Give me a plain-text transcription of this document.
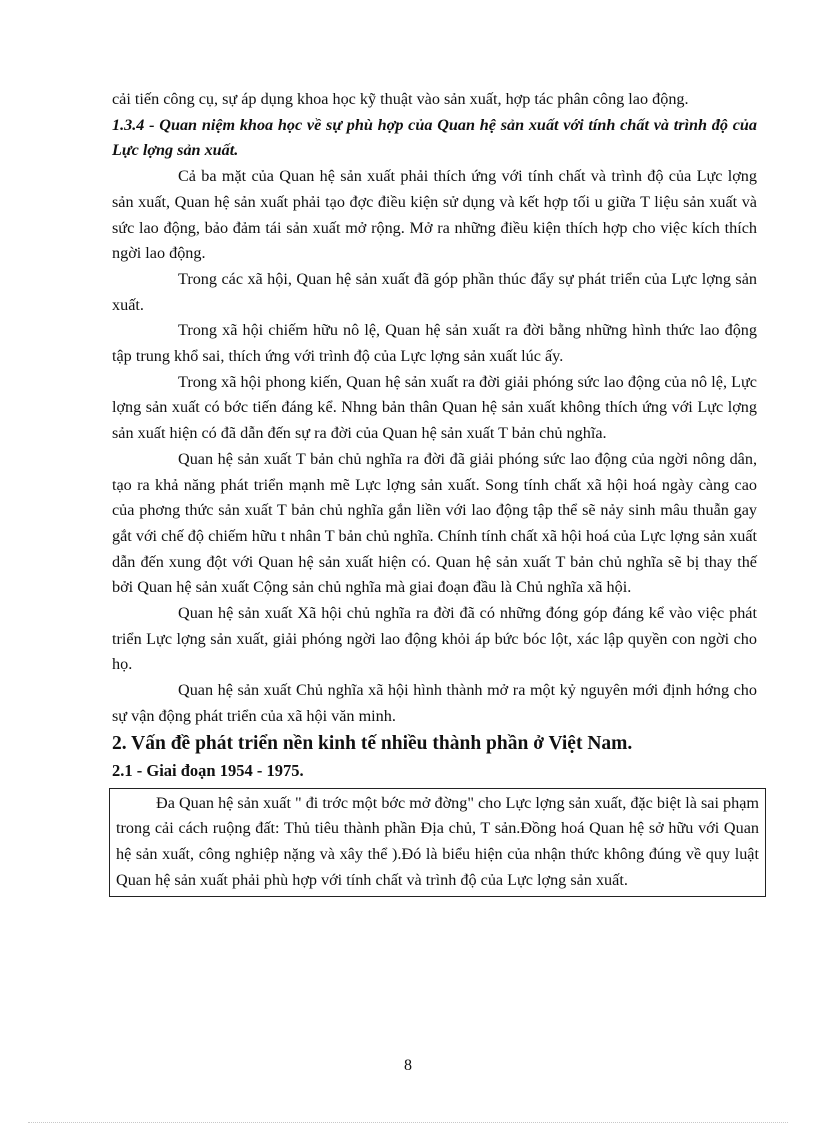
cải tiến công cụ, sự áp dụng khoa học kỹ thuật vào sản xuất, hợp tác phân công lao động.

1.3.4 - Quan niệm khoa học về sự phù hợp của Quan hệ sản xuất với tính chất và trình độ của Lực lợng sản xuất.

Cả ba mặt của Quan hệ sản xuất phải thích ứng với tính chất và trình độ của Lực lợng sản xuất, Quan hệ sản xuất phải tạo đợc điều kiện sử dụng và kết hợp tối u giữa T liệu sản xuất và sức lao động, bảo đảm tái sản xuất mở rộng. Mở ra những điều kiện thích hợp cho việc kích thích ngời lao động.

Trong các xã hội, Quan hệ sản xuất đã góp phần thúc đẩy sự phát triển của Lực lợng sản xuất.

Trong xã hội chiếm hữu nô lệ, Quan hệ sản xuất ra đời bằng những hình thức lao động tập trung khổ sai, thích ứng với trình độ của Lực lợng sản xuất lúc ấy.

Trong xã hội phong kiến, Quan hệ sản xuất ra đời giải phóng sức lao động của nô lệ, Lực lợng sản xuất có bớc tiến đáng kể. Nhng bản thân Quan hệ sản xuất không thích ứng với Lực lợng sản xuất hiện có đã dẫn đến sự ra đời của Quan hệ sản xuất T bản chủ nghĩa.

Quan hệ sản xuất T bản chủ nghĩa ra đời đã giải phóng sức lao động của ngời nông dân, tạo ra khả năng phát triển mạnh mẽ Lực lợng sản xuất. Song tính chất xã hội hoá ngày càng cao của phơng thức sản xuất T bản chủ nghĩa gắn liền với lao động tập thể sẽ nảy sinh mâu thuẫn gay gắt với chế độ chiếm hữu t nhân T bản chủ nghĩa. Chính tính chất xã hội hoá của Lực lợng sản xuất dẫn đến xung đột với Quan hệ sản xuất hiện có. Quan hệ sản xuất T bản chủ nghĩa sẽ bị thay thế bởi Quan hệ sản xuất Cộng sản chủ nghĩa mà giai đoạn đầu là Chủ nghĩa xã hội.

Quan hệ sản xuất Xã hội chủ nghĩa ra đời đã có những đóng góp đáng kể vào việc phát triển Lực lợng sản xuất, giải phóng ngời lao động khỏi áp bức bóc lột, xác lập quyền con ngời cho họ.

Quan hệ sản xuất Chủ nghĩa xã hội hình thành mở ra một kỷ nguyên mới định hớng cho sự vận động phát triển của xã hội văn minh.

2. Vấn đề phát triển nền kinh tế nhiều thành phần ở Việt Nam.

2.1 - Giai đoạn 1954 - 1975.

Đa Quan hệ sản xuất " đi trớc một bớc mở đờng" cho Lực lợng sản xuất, đặc biệt là sai phạm trong cải cách ruộng đất: Thủ tiêu thành phần Địa chủ, T sản.Đồng hoá Quan hệ sở hữu với Quan hệ sản xuất, công nghiệp nặng và xây thể ).Đó là biểu hiện của nhận thức không đúng về quy luật Quan hệ sản xuất phải phù hợp với tính chất và trình độ của Lực lợng sản xuất.

8
